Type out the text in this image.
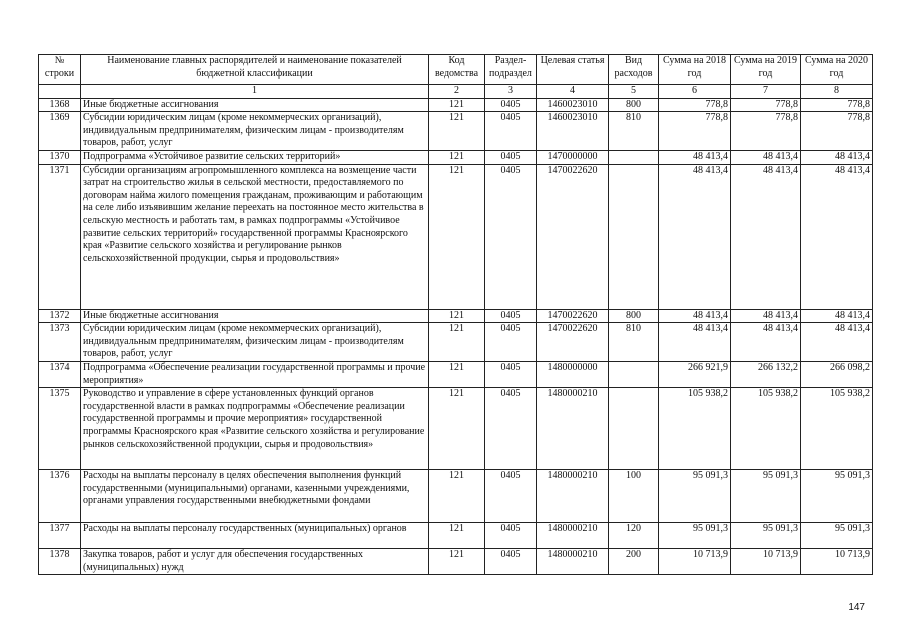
№
строки	Наименование главных распорядителей и наименование показателей бюджетной классификации	Код ведомства	Раздел-подраздел	Целевая статья	Вид расходов	Сумма на 2018 год	Сумма на 2019 год	Сумма на 2020 год
	1	2	3	4	5	6	7	8
1368	Иные бюджетные ассигнования	121	0405	1460023010	800	778,8	778,8	778,8
1369	Субсидии юридическим лицам (кроме некоммерческих организаций), индивидуальным предпринимателям, физическим лицам - производителям товаров, работ, услуг	121	0405	1460023010	810	778,8	778,8	778,8
1370	Подпрограмма «Устойчивое развитие сельских территорий»	121	0405	1470000000		48 413,4	48 413,4	48 413,4
1371	Субсидии организациям агропромышленного комплекса на возмещение части затрат на строительство жилья в сельской местности, предоставляемого по договорам найма жилого помещения гражданам, проживающим и работающим на селе либо изъявившим желание переехать на постоянное место жительства в сельскую местность и работать там, в рамках подпрограммы «Устойчивое развитие сельских территорий» государственной программы Красноярского края «Развитие сельского хозяйства и регулирование рынков сельскохозяйственной продукции, сырья и продовольствия»	121	0405	1470022620		48 413,4	48 413,4	48 413,4
1372	Иные бюджетные ассигнования	121	0405	1470022620	800	48 413,4	48 413,4	48 413,4
1373	Субсидии юридическим лицам (кроме некоммерческих организаций), индивидуальным предпринимателям, физическим лицам - производителям товаров, работ, услуг	121	0405	1470022620	810	48 413,4	48 413,4	48 413,4
1374	Подпрограмма «Обеспечение реализации государственной программы и прочие мероприятия»	121	0405	1480000000		266 921,9	266 132,2	266 098,2
1375	Руководство и управление в сфере установленных функций органов государственной власти в рамках подпрограммы «Обеспечение реализации государственной программы и прочие мероприятия» государственной программы Красноярского края «Развитие сельского хозяйства и регулирование рынков сельскохозяйственной продукции, сырья и продовольствия»	121	0405	1480000210		105 938,2	105 938,2	105 938,2
1376	Расходы на выплаты персоналу в целях обеспечения выполнения функций государственными (муниципальными) органами, казенными учреждениями, органами управления государственными внебюджетными фондами	121	0405	1480000210	100	95 091,3	95 091,3	95 091,3
1377	Расходы на выплаты персоналу государственных (муниципальных) органов	121	0405	1480000210	120	95 091,3	95 091,3	95 091,3
1378	Закупка товаров, работ и услуг для обеспечения государственных (муниципальных) нужд	121	0405	1480000210	200	10 713,9	10 713,9	10 713,9
147
